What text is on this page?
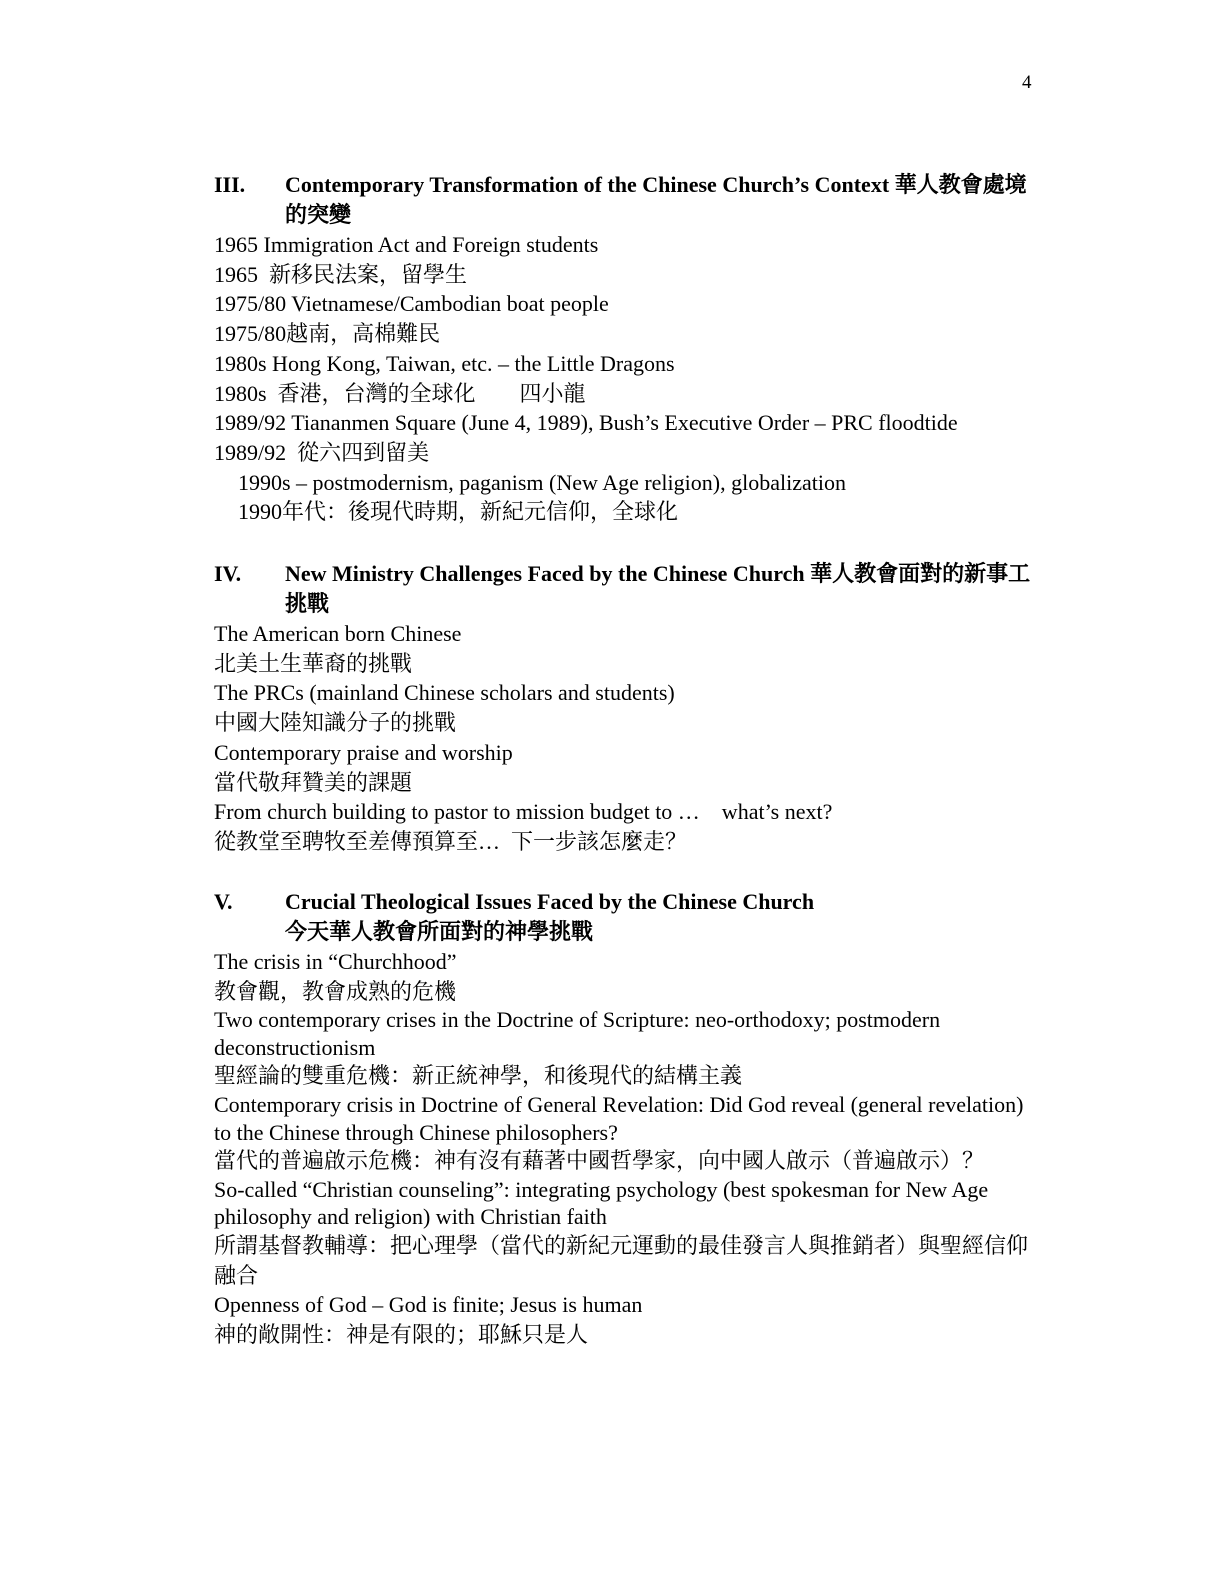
4
III.	Contemporary Transformation of the Chinese Church’s Context 華人教會處境的突變
1965 Immigration Act and Foreign students
1965  新移民法案，留學生
1975/80 Vietnamese/Cambodian boat people
1975/80越南，高棉難民
1980s Hong Kong, Taiwan, etc. – the Little Dragons
1980s  香港，台灣的全球化        四小龍
1989/92 Tiananmen Square (June 4, 1989), Bush’s Executive Order – PRC floodtide
1989/92  從六四到留美
1990s – postmodernism, paganism (New Age religion), globalization
1990年代：後現代時期，新紀元信仰，全球化
IV.	New Ministry Challenges Faced by the Chinese Church 華人教會面對的新事工挑戰
The American born Chinese
北美土生華裔的挑戰
The PRCs (mainland Chinese scholars and students)
中國大陸知識分子的挑戰
Contemporary praise and worship
當代敬拜贊美的課題
From church building to pastor to mission budget to …    what’s next?
從教堂至聘牧至差傳預算至…  下一步該怎麼走？
V.	Crucial Theological Issues Faced by the Chinese Church
今天華人教會所面對的神學挑戰
The crisis in “Churchhood”
教會觀，教會成熟的危機
Two contemporary crises in the Doctrine of Scripture: neo-orthodoxy; postmodern deconstructionism
聖經論的雙重危機：新正統神學，和後現代的結構主義
Contemporary crisis in Doctrine of General Revelation: Did God reveal (general revelation) to the Chinese through Chinese philosophers?
當代的普遍啟示危機：神有沒有藉著中國哲學家，向中國人啟示（普遍啟示）？
So-called “Christian counseling”: integrating psychology (best spokesman for New Age philosophy and religion) with Christian faith
所謂基督教輔導：把心理學（當代的新紀元運動的最佳發言人與推銷者）與聖經信仰融合
Openness of God – God is finite; Jesus is human
神的敞開性：神是有限的；耶穌只是人
